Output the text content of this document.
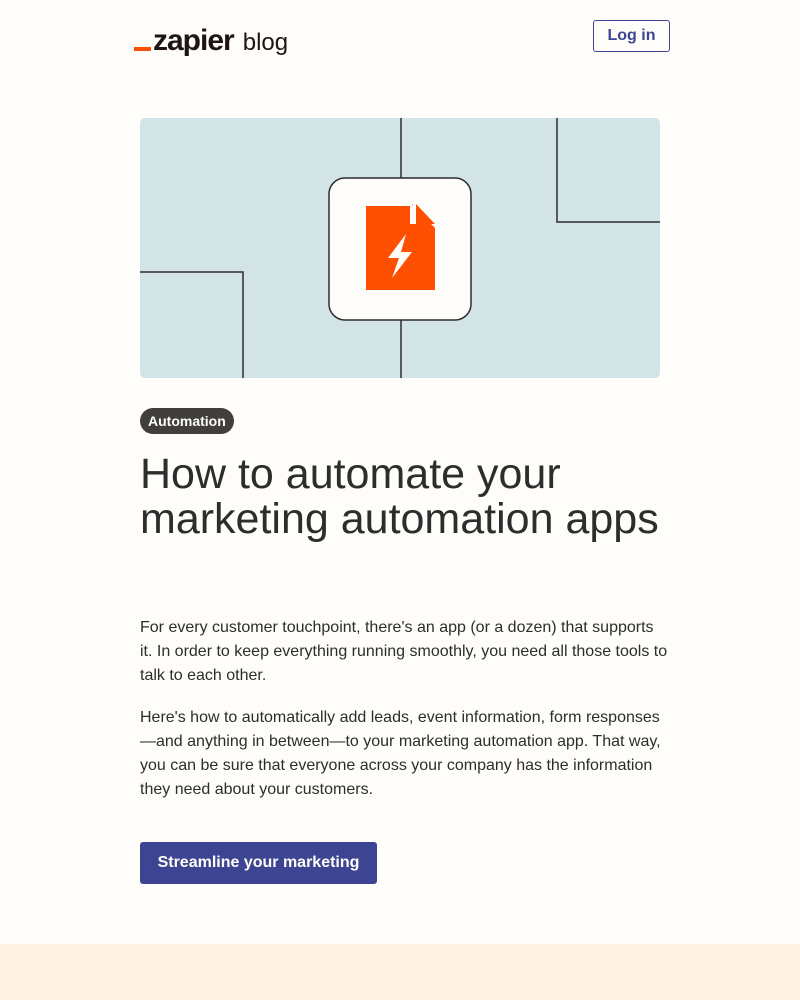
zapier blog	Log in
Automation
How to automate your marketing automation apps

For every customer touchpoint, there's an app (or a dozen) that supports it. In order to keep everything running smoothly, you need all those tools to talk to each other.

Here's how to automatically add leads, event information, form responses—and anything in between—to your marketing automation app. That way, you can be sure that everyone across your company has the information they need about your customers.

Streamline your marketing
